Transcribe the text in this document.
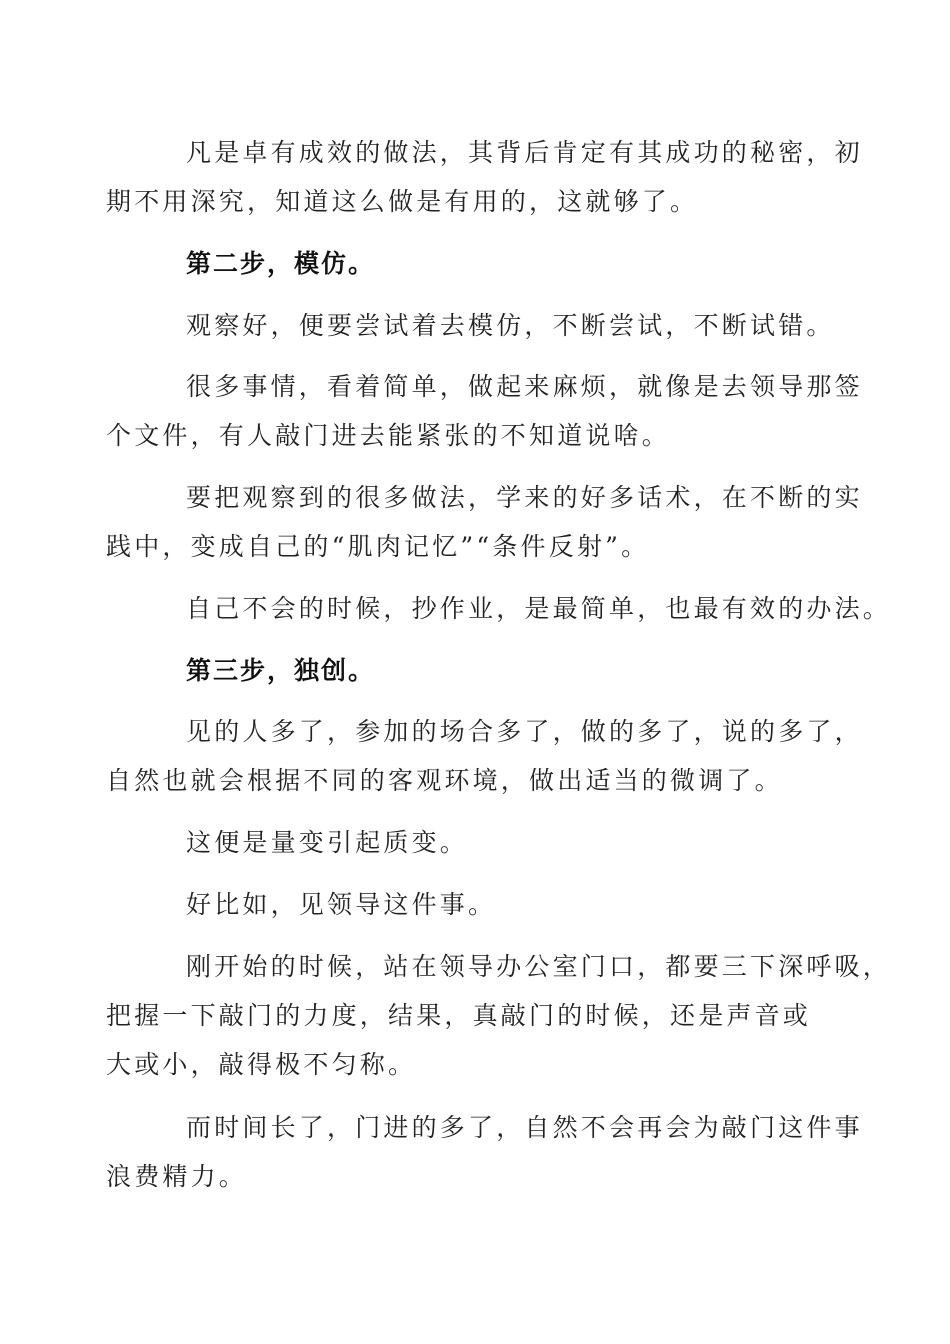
凡是卓有成效的做法，其背后肯定有其成功的秘密，初
期不用深究，知道这么做是有用的，这就够了。

第二步，模仿。

观察好，便要尝试着去模仿，不断尝试，不断试错。

很多事情，看着简单，做起来麻烦，就像是去领导那签
个文件，有人敲门进去能紧张的不知道说啥。

要把观察到的很多做法，学来的好多话术，在不断的实
践中，变成自己的“肌肉记忆”“条件反射”。

自己不会的时候，抄作业，是最简单，也最有效的办法。

第三步，独创。

见的人多了，参加的场合多了，做的多了，说的多了，
自然也就会根据不同的客观环境，做出适当的微调了。

这便是量变引起质变。

好比如，见领导这件事。

刚开始的时候，站在领导办公室门口，都要三下深呼吸，
把握一下敲门的力度，结果，真敲门的时候，还是声音或
大或小，敲得极不匀称。

而时间长了，门进的多了，自然不会再会为敲门这件事
浪费精力。
